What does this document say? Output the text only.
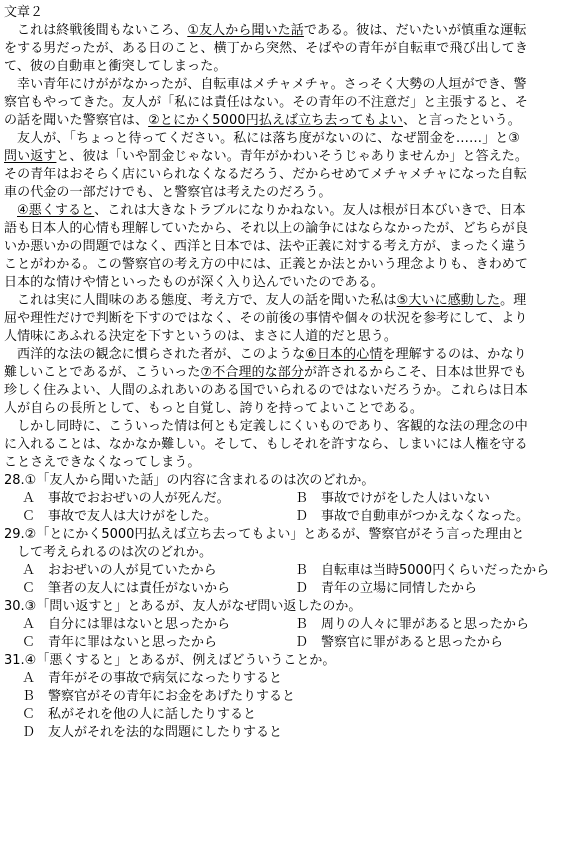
文章２
これは終戦後間もないころ、①友人から聞いた話である。彼は、だいたいが慎重な運転
をする男だったが、ある日のこと、横丁から突然、そばやの青年が自転車で飛び出してき
て、彼の自動車と衝突してしまった。
幸い青年にけががなかったが、自転車はメチャメチャ。さっそく大勢の人垣ができ、警
察官もやってきた。友人が「私には責任はない。その青年の不注意だ」と主張すると、そ
の話を聞いた警察官は、②とにかく5000円払えば立ち去ってもよい、と言ったという。
友人が、「ちょっと待ってください。私には落ち度がないのに、なぜ罰金を……」と③
問い返すと、彼は「いや罰金じゃない。青年がかわいそうじゃありませんか」と答えた。
その青年はおそらく店にいられなくなるだろう、だからせめてメチャメチャになった自転
車の代金の一部だけでも、と警察官は考えたのだろう。
④悪くすると、これは大きなトラブルになりかねない。友人は根が日本びいきで、日本
語も日本人的心情も理解していたから、それ以上の論争にはならなかったが、どちらが良
いか悪いかの問題ではなく、西洋と日本では、法や正義に対する考え方が、まったく違う
ことがわかる。この警察官の考え方の中には、正義とか法とかいう理念よりも、きわめて
日本的な情けや情といったものが深く入り込んでいたのである。
これは実に人間味のある態度、考え方で、友人の話を聞いた私は⑤大いに感動した。理
屈や理性だけで判断を下すのではなく、その前後の事情や個々の状況を参考にして、より
人情味にあふれる決定を下すというのは、まさに人道的だと思う。
西洋的な法の観念に慣らされた者が、このような⑥日本的心情を理解するのは、かなり
難しいことであるが、こういった⑦不合理的な部分が許されるからこそ、日本は世界でも
珍しく住みよい、人間のふれあいのある国でいられるのではないだろうか。これらは日本
人が自らの長所として、もっと自覚し、誇りを持ってよいことである。
しかし同時に、こういった情は何とも定義しにくいものであり、客観的な法の理念の中
に入れることは、なかなか難しい。そして、もしそれを許すなら、しまいには人権を守る
ことさえできなくなってしまう。
28.①「友人から聞いた話」の内容に含まれるのは次のどれか。
Ａ　事故でおおぜいの人が死んだ。	Ｂ　事故でけがをした人はいない
Ｃ　事故で友人は大けがをした。	Ｄ　事故で自動車がつかえなくなった。
29.②「とにかく5000円払えば立ち去ってもよい」とあるが、警察官がそう言った理由と
して考えられるのは次のどれか。
Ａ　おおぜいの人が見ていたから	Ｂ　自転車は当時5000円くらいだったから
Ｃ　筆者の友人には責任がないから	Ｄ　青年の立場に同情したから
30.③「問い返すと」とあるが、友人がなぜ問い返したのか。
Ａ　自分には罪はないと思ったから	Ｂ　周りの人々に罪があると思ったから
Ｃ　青年に罪はないと思ったから	Ｄ　警察官に罪があると思ったから
31.④「悪くすると」とあるが、例えばどういうことか。
Ａ　青年がその事故で病気になったりすると
Ｂ　警察官がその青年にお金をあげたりすると
Ｃ　私がそれを他の人に話したりすると
Ｄ　友人がそれを法的な問題にしたりすると
